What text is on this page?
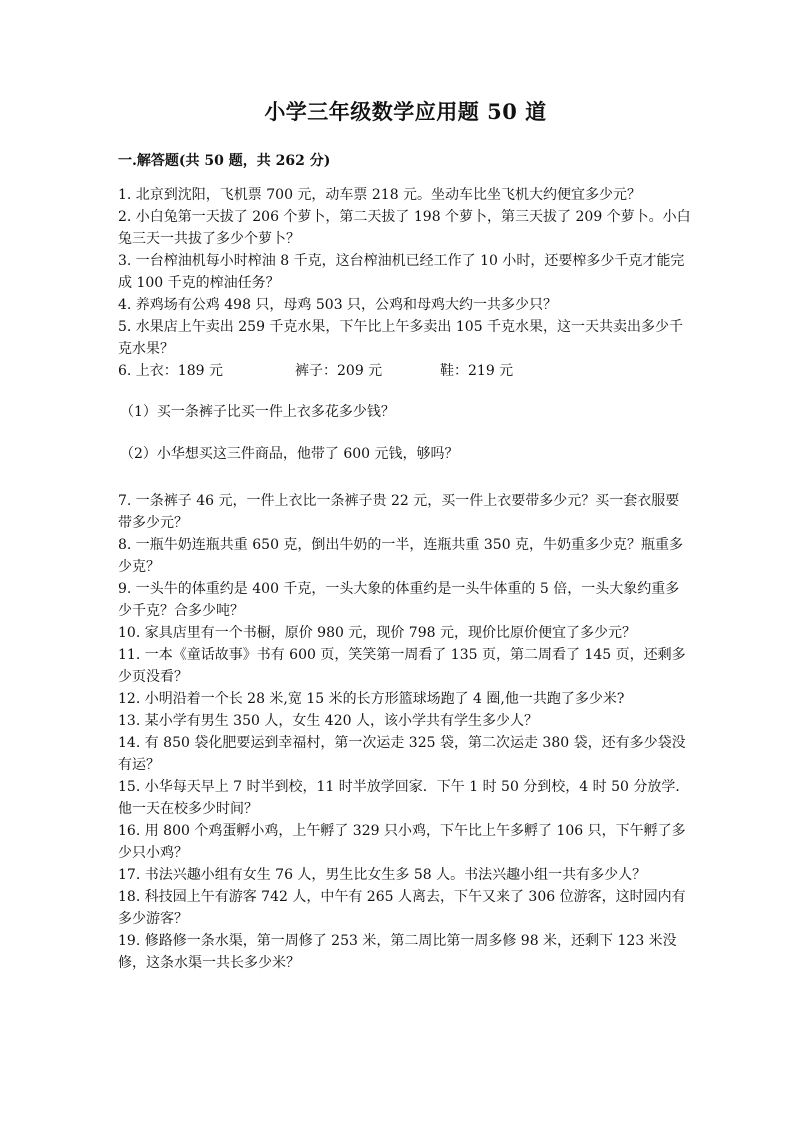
小学三年级数学应用题 50 道
一.解答题(共 50 题，共 262 分)

1. 北京到沈阳，飞机票 700 元，动车票 218 元。坐动车比坐飞机大约便宜多少元？

2. 小白兔第一天拔了 206 个萝卜，第二天拔了 198 个萝卜，第三天拔了 209 个萝卜。小白兔三天一共拔了多少个萝卜？

3. 一台榨油机每小时榨油 8 千克，这台榨油机已经工作了 10 小时，还要榨多少千克才能完成 100 千克的榨油任务？

4. 养鸡场有公鸡 498 只，母鸡 503 只，公鸡和母鸡大约一共多少只？

5. 水果店上午卖出 259 千克水果，下午比上午多卖出 105 千克水果，这一天共卖出多少千克水果？

6. 上衣：189 元	裤子：209 元	鞋：219 元

（1）买一条裤子比买一件上衣多花多少钱？

（2）小华想买这三件商品，他带了 600 元钱，够吗？

7. 一条裤子 46 元，一件上衣比一条裤子贵 22 元，买一件上衣要带多少元？买一套衣服要带多少元？

8. 一瓶牛奶连瓶共重 650 克，倒出牛奶的一半，连瓶共重 350 克，牛奶重多少克？瓶重多少克？

9. 一头牛的体重约是 400 千克，一头大象的体重约是一头牛体重的 5 倍，一头大象约重多少千克？合多少吨？

10. 家具店里有一个书橱，原价 980 元，现价 798 元，现价比原价便宜了多少元？

11. 一本《童话故事》书有 600 页，笑笑第一周看了 135 页，第二周看了 145 页，还剩多少页没看？

12. 小明沿着一个长 28 米,宽 15 米的长方形篮球场跑了 4 圈,他一共跑了多少米?

13. 某小学有男生 350 人，女生 420 人，该小学共有学生多少人？

14. 有 850 袋化肥要运到幸福村，第一次运走 325 袋，第二次运走 380 袋，还有多少袋没有运？

15. 小华每天早上 7 时半到校，11 时半放学回家．下午 1 时 50 分到校，4 时 50 分放学．他一天在校多少时间？

16. 用 800 个鸡蛋孵小鸡，上午孵了 329 只小鸡，下午比上午多孵了 106 只，下午孵了多少只小鸡？

17. 书法兴趣小组有女生 76 人，男生比女生多 58 人。书法兴趣小组一共有多少人？

18. 科技园上午有游客 742 人，中午有 265 人离去，下午又来了 306 位游客，这时园内有多少游客？

19. 修路修一条水渠，第一周修了 253 米，第二周比第一周多修 98 米，还剩下 123 米没修，这条水渠一共长多少米？
